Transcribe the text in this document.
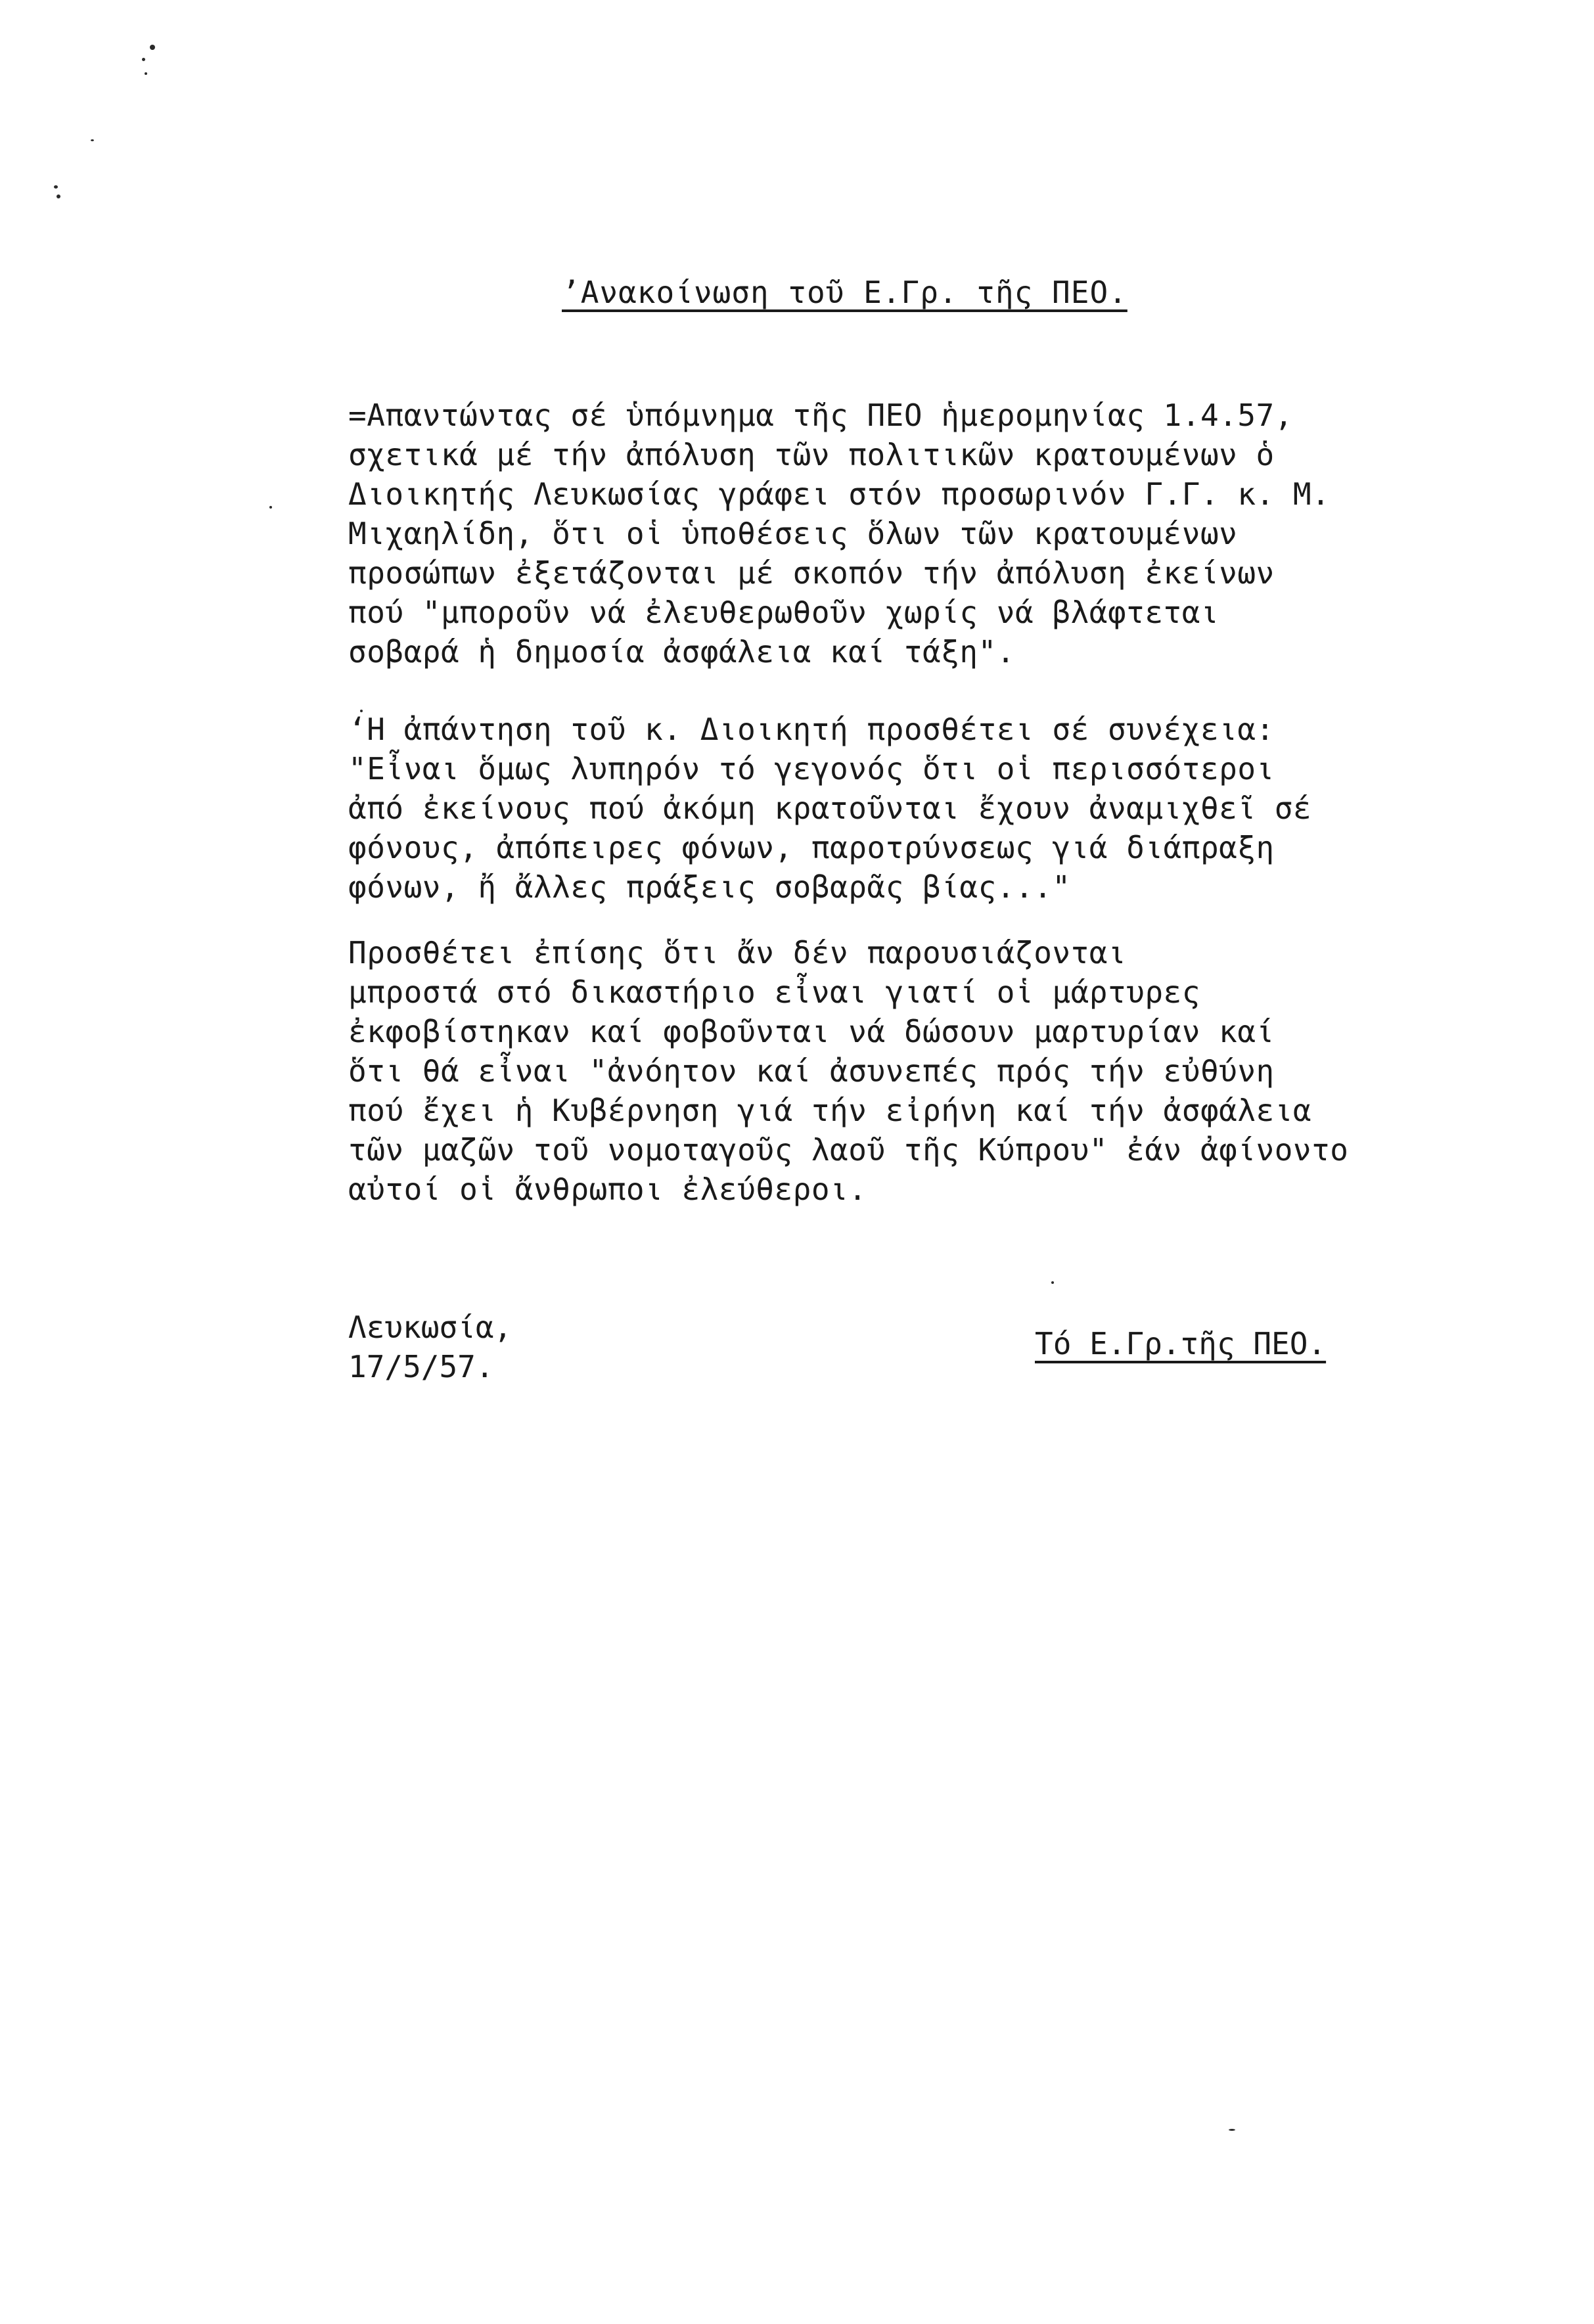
’Ανακοίνωση τοῦ Ε.Γρ. τῆς ΠΕΟ.
=Απαντώντας σέ ὑπόμνημα τῆς ΠΕΟ ἡμερομηνίας 1.4.57,
σχετικά μέ τήν ἀπόλυση τῶν πολιτικῶν κρατουμένων ὁ
Διοικητής Λευκωσίας γράφει στόν προσωρινόν Γ.Γ. κ. Μ.
Μιχαηλίδη, ὅτι οἱ ὑποθέσεις ὅλων τῶν κρατουμένων
προσώπων ἐξετάζονται μέ σκοπόν τήν ἀπόλυση ἐκείνων
πού "μποροῦν νά ἐλευθερωθοῦν χωρίς νά βλάφτεται
σοβαρά ἡ δημοσία ἀσφάλεια καί τάξη".
‘Η ἀπάντηση τοῦ κ. Διοικητή προσθέτει σέ συνέχεια:
"Εἶναι ὅμως λυπηρόν τό γεγονός ὅτι οἱ περισσότεροι
ἀπό ἐκείνους πού ἀκόμη κρατοῦνται ἔχουν ἀναμιχθεῖ σέ
φόνους, ἀπόπειρες φόνων, παροτρύνσεως γιά διάπραξη
φόνων, ἤ ἄλλες πράξεις σοβαρᾶς βίας..."
Προσθέτει ἐπίσης ὅτι ἄν δέν παρουσιάζονται
μπροστά στό δικαστήριο εἶναι γιατί οἱ μάρτυρες
ἐκφοβίστηκαν καί φοβοῦνται νά δώσουν μαρτυρίαν καί
ὅτι θά εἶναι "ἀνόητον καί ἀσυνεπές πρός τήν εὐθύνη
πού ἔχει ἡ Κυβέρνηση γιά τήν εἰρήνη καί τήν ἀσφάλεια
τῶν μαζῶν τοῦ νομοταγοῦς λαοῦ τῆς Κύπρου" ἐάν ἀφίνοντο
αὐτοί οἱ ἄνθρωποι ἐλεύθεροι.
Λευκωσία,
17/5/57.
Τό Ε.Γρ.τῆς ΠΕΟ.
